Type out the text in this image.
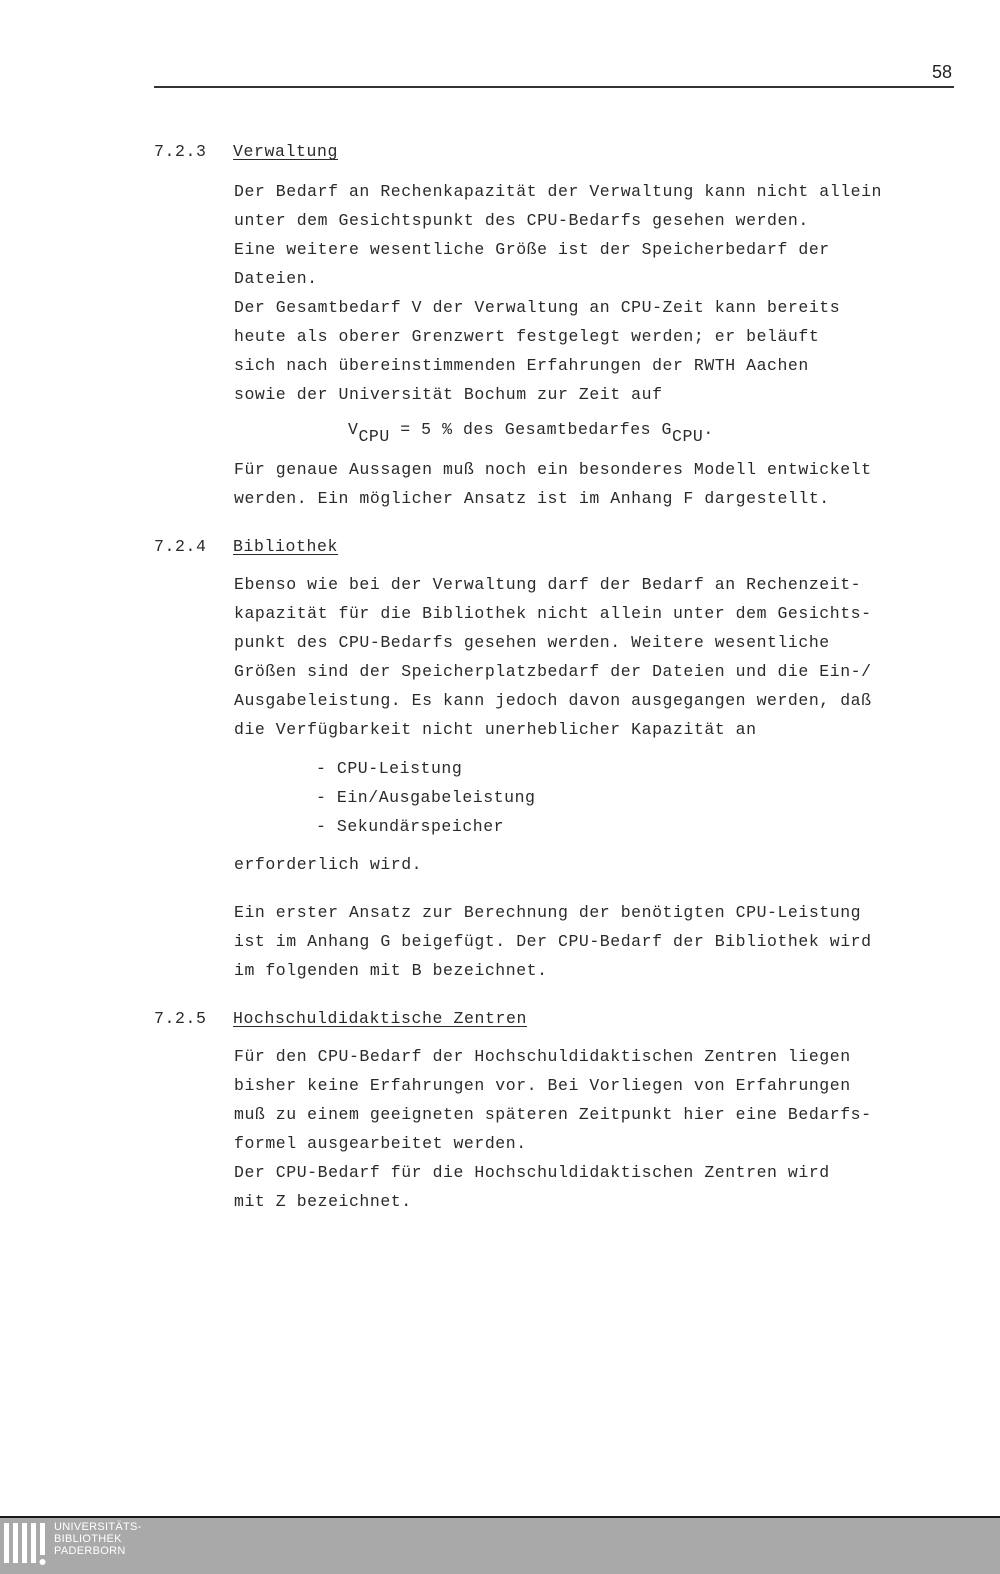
58
7.2.3 Verwaltung

Der Bedarf an Rechenkapazität der Verwaltung kann nicht allein
unter dem Gesichtspunkt des CPU-Bedarfs gesehen werden.
Eine weitere wesentliche Größe ist der Speicherbedarf der
Dateien.
Der Gesamtbedarf V der Verwaltung an CPU-Zeit kann bereits
heute als oberer Grenzwert festgelegt werden; er beläuft
sich nach übereinstimmenden Erfahrungen der RWTH Aachen
sowie der Universität Bochum zur Zeit auf

$V_{CPU} = 5$ % des Gesamtbedarfes $G_{CPU}$.

Für genaue Aussagen muß noch ein besonderes Modell entwickelt
werden. Ein möglicher Ansatz ist im Anhang F dargestellt.

7.2.4 Bibliothek

Ebenso wie bei der Verwaltung darf der Bedarf an Rechenzeit-
kapazität für die Bibliothek nicht allein unter dem Gesichts-
punkt des CPU-Bedarfs gesehen werden. Weitere wesentliche
Größen sind der Speicherplatzbedarf der Dateien und die Ein-/
Ausgabeleistung. Es kann jedoch davon ausgegangen werden, daß
die Verfügbarkeit nicht unerheblicher Kapazität an

- CPU-Leistung
- Ein/Ausgabeleistung
- Sekundärspeicher

erforderlich wird.

Ein erster Ansatz zur Berechnung der benötigten CPU-Leistung
ist im Anhang G beigefügt. Der CPU-Bedarf der Bibliothek wird
im folgenden mit B bezeichnet.

7.2.5 Hochschuldidaktische Zentren

Für den CPU-Bedarf der Hochschuldidaktischen Zentren liegen
bisher keine Erfahrungen vor. Bei Vorliegen von Erfahrungen
muß zu einem geeigneten späteren Zeitpunkt hier eine Bedarfs-
formel ausgearbeitet werden.
Der CPU-Bedarf für die Hochschuldidaktischen Zentren wird
mit Z bezeichnet.

UNIVERSITÄTS-
BIBLIOTHEK
PADERBORN
